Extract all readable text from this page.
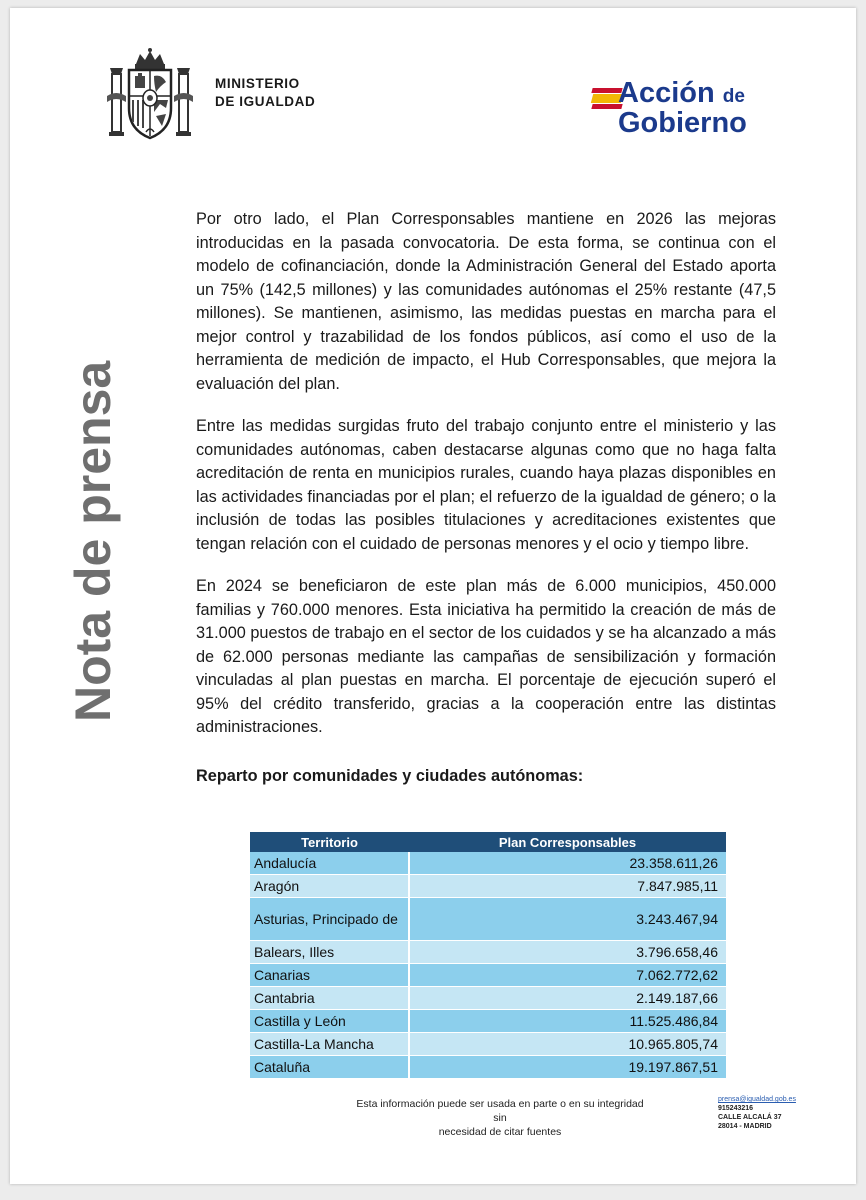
MINISTERIO
DE IGUALDAD	Acción de
Gobierno
Nota de prensa

Por otro lado, el Plan Corresponsables mantiene en 2026 las mejoras introducidas en la pasada convocatoria. De esta forma, se continua con el modelo de cofinanciación, donde la Administración General del Estado aporta un 75% (142,5 millones) y las comunidades autónomas el 25% restante (47,5 millones). Se mantienen, asimismo, las medidas puestas en marcha para el mejor control y trazabilidad de los fondos públicos, así como el uso de la herramienta de medición de impacto, el Hub Corresponsables, que mejora la evaluación del plan.

Entre las medidas surgidas fruto del trabajo conjunto entre el ministerio y las comunidades autónomas, caben destacarse algunas como que no haga falta acreditación de renta en municipios rurales, cuando haya plazas disponibles en las actividades financiadas por el plan; el refuerzo de la igualdad de género; o la inclusión de todas las posibles titulaciones y acreditaciones existentes que tengan relación con el cuidado de personas menores y el ocio y tiempo libre.

En 2024 se beneficiaron de este plan más de 6.000 municipios, 450.000 familias y 760.000 menores. Esta iniciativa ha permitido la creación de más de 31.000 puestos de trabajo en el sector de los cuidados y se ha alcanzado a más de 62.000 personas mediante las campañas de sensibilización y formación vinculadas al plan puestas en marcha. El porcentaje de ejecución superó el 95% del crédito transferido, gracias a la cooperación entre las distintas administraciones.

Reparto por comunidades y ciudades autónomas:
Territorio	Plan Corresponsables
Andalucía	23.358.611,26
Aragón	7.847.985,11
Asturias, Principado de	3.243.467,94
Balears, Illes	3.796.658,46
Canarias	7.062.772,62
Cantabria	2.149.187,66
Castilla y León	11.525.486,84
Castilla-La Mancha	10.965.805,74
Cataluña	19.197.867,51
Esta información puede ser usada en parte o en su integridad sin
necesidad de citar fuentes
prensa@igualdad.gob.es
915243216
CALLE ALCALÁ 37
28014 - MADRID
